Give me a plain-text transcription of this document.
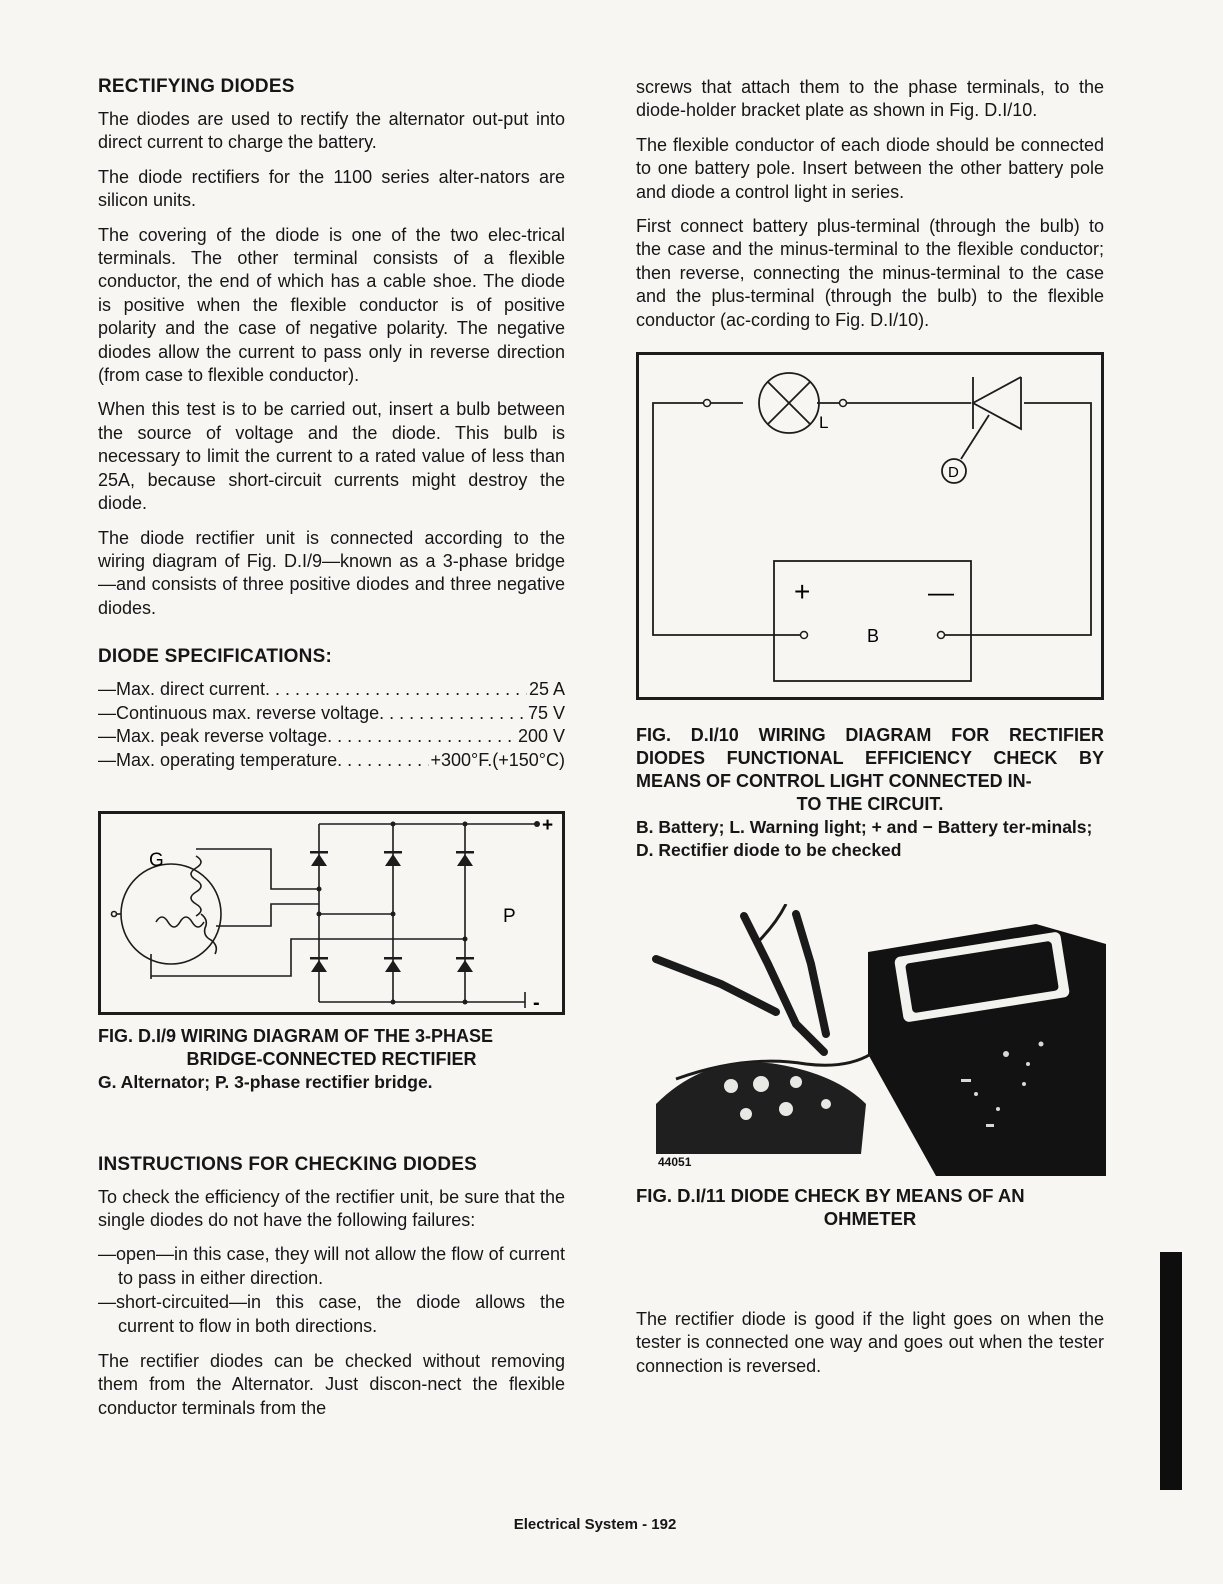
RECTIFYING DIODES

The diodes are used to rectify the alternator out-put into direct current to charge the battery.

The diode rectifiers for the 1100 series alter-nators are silicon units.

The covering of the diode is one of the two elec-trical terminals. The other terminal consists of a flexible conductor, the end of which has a cable shoe. The diode is positive when the flexible conductor is of positive polarity and the case of negative polarity. The negative diodes allow the current to pass only in reverse direction (from case to flexible conductor).

When this test is to be carried out, insert a bulb between the source of voltage and the diode. This bulb is necessary to limit the current to a rated value of less than 25A, because short-circuit currents might destroy the diode.

The diode rectifier unit is connected according to the wiring diagram of Fig. D.I/9—known as a 3-phase bridge—and consists of three positive diodes and three negative diodes.

DIODE SPECIFICATIONS:
—Max. direct current . . .	25 A
—Continuous max. reverse voltage . . .	75 V
—Max. peak reverse voltage . . .	200 V
—Max. operating temperature . . .	+300°F.(+150°C)
G
P
+
-
FIG. D.I/9 WIRING DIAGRAM OF THE 3-PHASE
BRIDGE-CONNECTED RECTIFIER
G. Alternator; P. 3-phase rectifier bridge.
INSTRUCTIONS FOR CHECKING DIODES

To check the efficiency of the rectifier unit, be sure that the single diodes do not have the following failures:

—open—in this case, they will not allow the flow of current to pass in either direction.
—short-circuited—in this case, the diode allows the current to flow in both directions.

The rectifier diodes can be checked without removing them from the Alternator. Just discon-nect the flexible conductor terminals from the

screws that attach them to the phase terminals, to the diode-holder bracket plate as shown in Fig. D.I/10.

The flexible conductor of each diode should be connected to one battery pole. Insert between the other battery pole and diode a control light in series.

First connect battery plus-terminal (through the bulb) to the case and the minus-terminal to the flexible conductor; then reverse, connecting the minus-terminal to the case and the plus-terminal (through the bulb) to the flexible conductor (ac-cording to Fig. D.I/10).

L
D
B
+	—
FIG. D.I/10 WIRING DIAGRAM FOR RECTIFIER DIODES FUNCTIONAL EFFICIENCY CHECK BY MEANS OF CONTROL LIGHT CONNECTED IN-
TO THE CIRCUIT.
B. Battery; L. Warning light; + and − Battery ter-minals; D. Rectifier diode to be checked
44051
FIG. D.I/11 DIODE CHECK BY MEANS OF AN
OHMETER

The rectifier diode is good if the light goes on when the tester is connected one way and goes out when the tester connection is reversed.

Electrical System - 192
